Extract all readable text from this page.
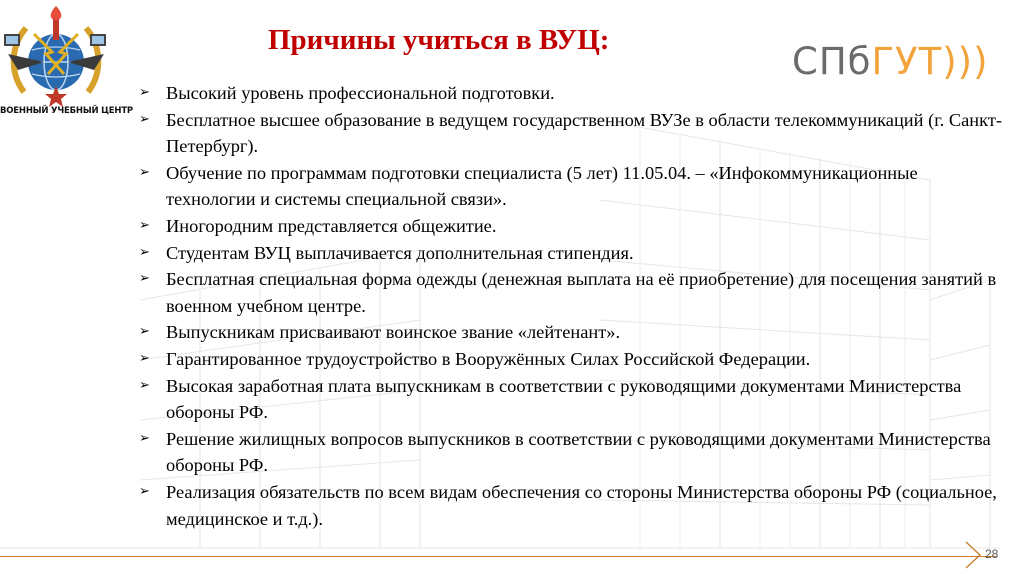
ВОЕННЫЙ УЧЕБНЫЙ ЦЕНТР
Причины учиться в ВУЦ:	СПбГУТ)))
➢ Высокий уровень профессиональной подготовки.
➢ Бесплатное высшее образование в ведущем государственном ВУЗе в области телекоммуникаций (г. Санкт-Петербург).
➢ Обучение по программам подготовки специалиста (5 лет) 11.05.04. – «Инфокоммуникационные технологии и системы специальной связи».
➢ Иногородним представляется общежитие.
➢ Студентам ВУЦ выплачивается дополнительная стипендия.
➢ Бесплатная специальная форма одежды (денежная выплата на её приобретение) для посещения занятий в военном учебном центре.
➢ Выпускникам присваивают воинское звание «лейтенант».
➢ Гарантированное трудоустройство в Вооружённых Силах Российской Федерации.
➢ Высокая заработная плата выпускникам в соответствии с руководящими документами Министерства обороны РФ.
➢ Решение жилищных вопросов выпускников в соответствии с руководящими документами Министерства обороны РФ.
➢ Реализация обязательств по всем видам обеспечения со стороны Министерства обороны РФ (социальное, медицинское и т.д.).
28
